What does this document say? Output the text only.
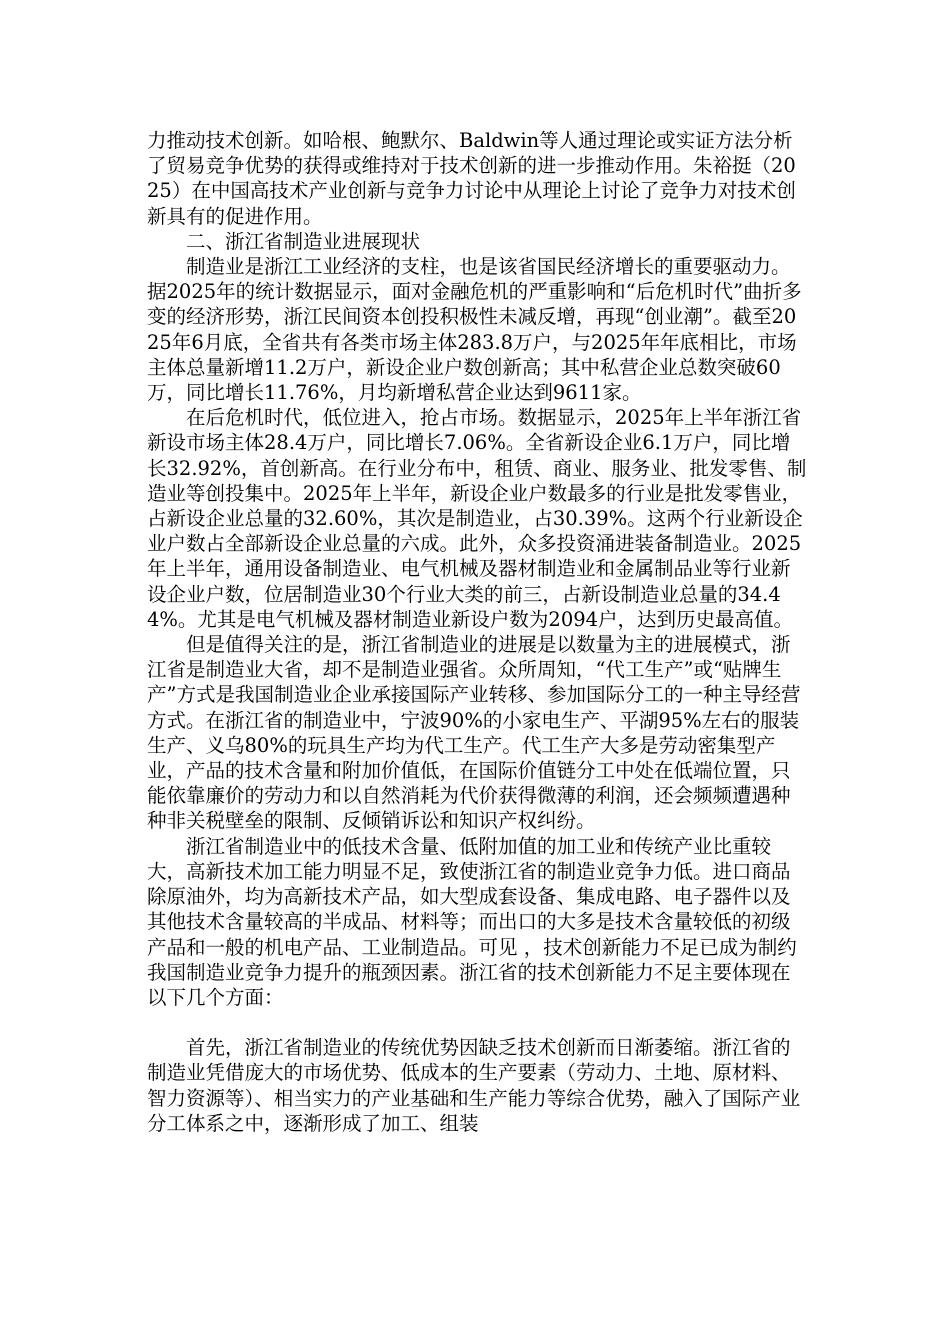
力推动技术创新。如哈根、鲍默尔、Baldwin等人通过理论或实证方法分析了贸易竞争优势的获得或维持对于技术创新的进一步推动作用。朱裕挺（2025）在中国高技术产业创新与竞争力讨论中从理论上讨论了竞争力对技术创新具有的促进作用。

二、浙江省制造业进展现状

制造业是浙江工业经济的支柱，也是该省国民经济增长的重要驱动力。据2025年的统计数据显示，面对金融危机的严重影响和“后危机时代”曲折多变的经济形势，浙江民间资本创投积极性未减反增，再现“创业潮”。截至2025年6月底，全省共有各类市场主体283.8万户，与2025年年底相比，市场主体总量新增11.2万户，新设企业户数创新高；其中私营企业总数突破60万，同比增长11.76%，月均新增私营企业达到9611家。

在后危机时代，低位进入，抢占市场。数据显示，2025年上半年浙江省新设市场主体28.4万户，同比增长7.06%。全省新设企业6.1万户，同比增长32.92%，首创新高。在行业分布中，租赁、商业、服务业、批发零售、制造业等创投集中。2025年上半年，新设企业户数最多的行业是批发零售业，占新设企业总量的32.60%，其次是制造业，占30.39%。这两个行业新设企业户数占全部新设企业总量的六成。此外，众多投资涌进装备制造业。2025年上半年，通用设备制造业、电气机械及器材制造业和金属制品业等行业新设企业户数，位居制造业30个行业大类的前三，占新设制造业总量的34.44%。尤其是电气机械及器材制造业新设户数为2094户，达到历史最高值。

但是值得关注的是，浙江省制造业的进展是以数量为主的进展模式，浙江省是制造业大省，却不是制造业强省。众所周知，“代工生产”或“贴牌生产”方式是我国制造业企业承接国际产业转移、参加国际分工的一种主导经营方式。在浙江省的制造业中，宁波90%的小家电生产、平湖95%左右的服装生产、义乌80%的玩具生产均为代工生产。代工生产大多是劳动密集型产业，产品的技术含量和附加价值低，在国际价值链分工中处在低端位置，只能依靠廉价的劳动力和以自然消耗为代价获得微薄的利润，还会频频遭遇种种非关税壁垒的限制、反倾销诉讼和知识产权纠纷。

浙江省制造业中的低技术含量、低附加值的加工业和传统产业比重较大，高新技术加工能力明显不足，致使浙江省的制造业竞争力低。进口商品除原油外，均为高新技术产品，如大型成套设备、集成电路、电子器件以及其他技术含量较高的半成品、材料等；而出口的大多是技术含量较低的初级产品和一般的机电产品、工业制造品。可见 ，技术创新能力不足已成为制约我国制造业竞争力提升的瓶颈因素。浙江省的技术创新能力不足主要体现在以下几个方面：

首先，浙江省制造业的传统优势因缺乏技术创新而日渐萎缩。浙江省的制造业凭借庞大的市场优势、低成本的生产要素（劳动力、土地、原材料、智力资源等）、相当实力的产业基础和生产能力等综合优势，融入了国际产业分工体系之中，逐渐形成了加工、组装
